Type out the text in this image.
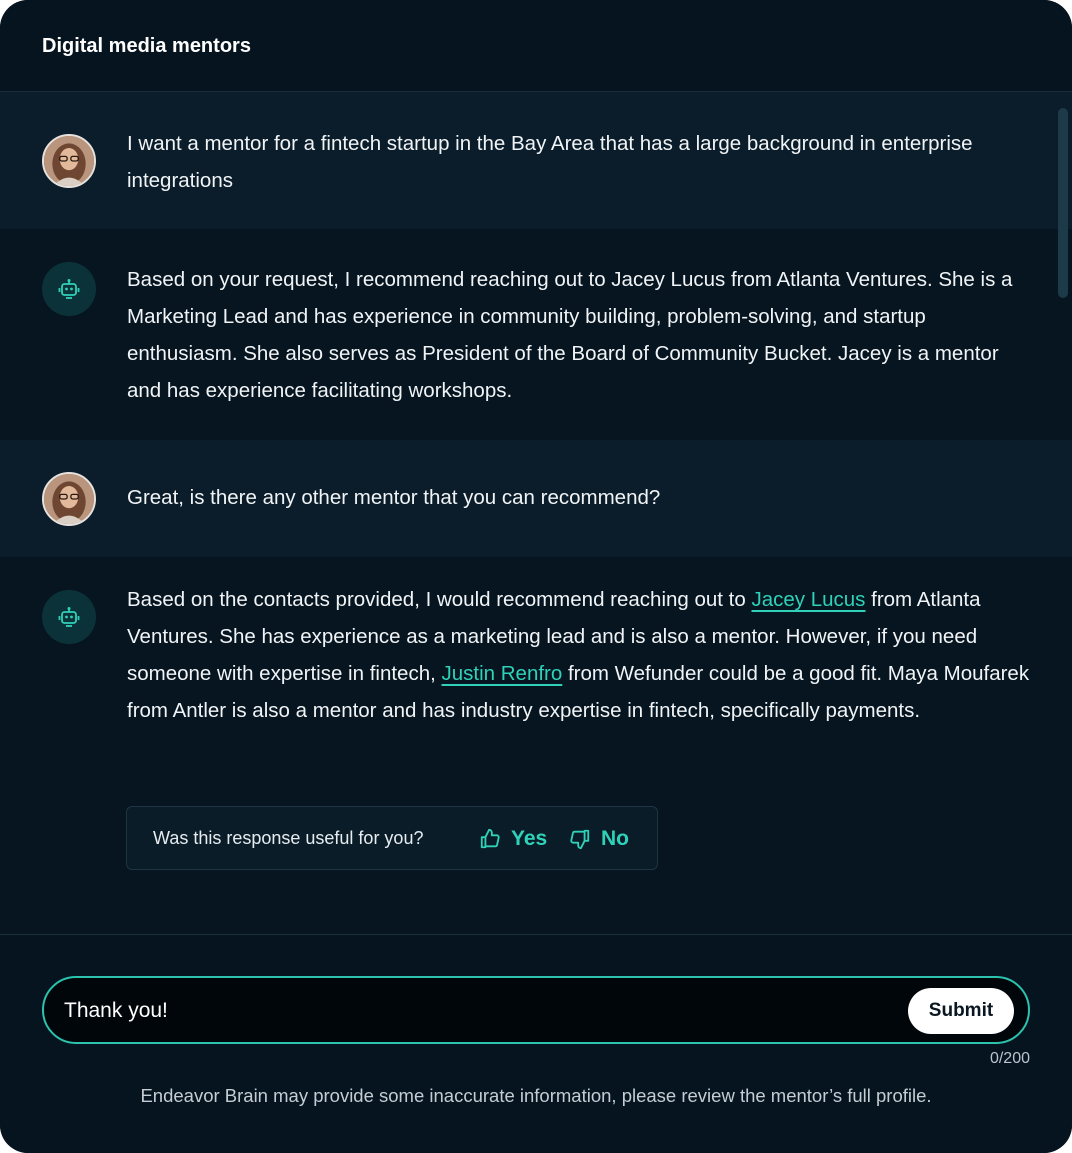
Digital media mentors
I want a mentor for a fintech startup in the Bay Area that has a large background in enterprise integrations
Based on your request, I recommend reaching out to Jacey Lucus from Atlanta Ventures. She is a Marketing Lead and has experience in community building, problem-solving, and startup enthusiasm. She also serves as President of the Board of Community Bucket. Jacey is a mentor and has experience facilitating workshops.
Great, is there any other mentor that you can recommend?
Based on the contacts provided, I would recommend reaching out to Jacey Lucus from Atlanta Ventures. She has experience as a marketing lead and is also a mentor. However, if you need someone with expertise in fintech, Justin Renfro from Wefunder could be a good fit. Maya Moufarek from Antler is also a mentor and has industry expertise in fintech, specifically payments.
Was this response useful for you?	Yes	No
Thank you!
Submit
0/200
Endeavor Brain may provide some inaccurate information, please review the mentor’s full profile.
